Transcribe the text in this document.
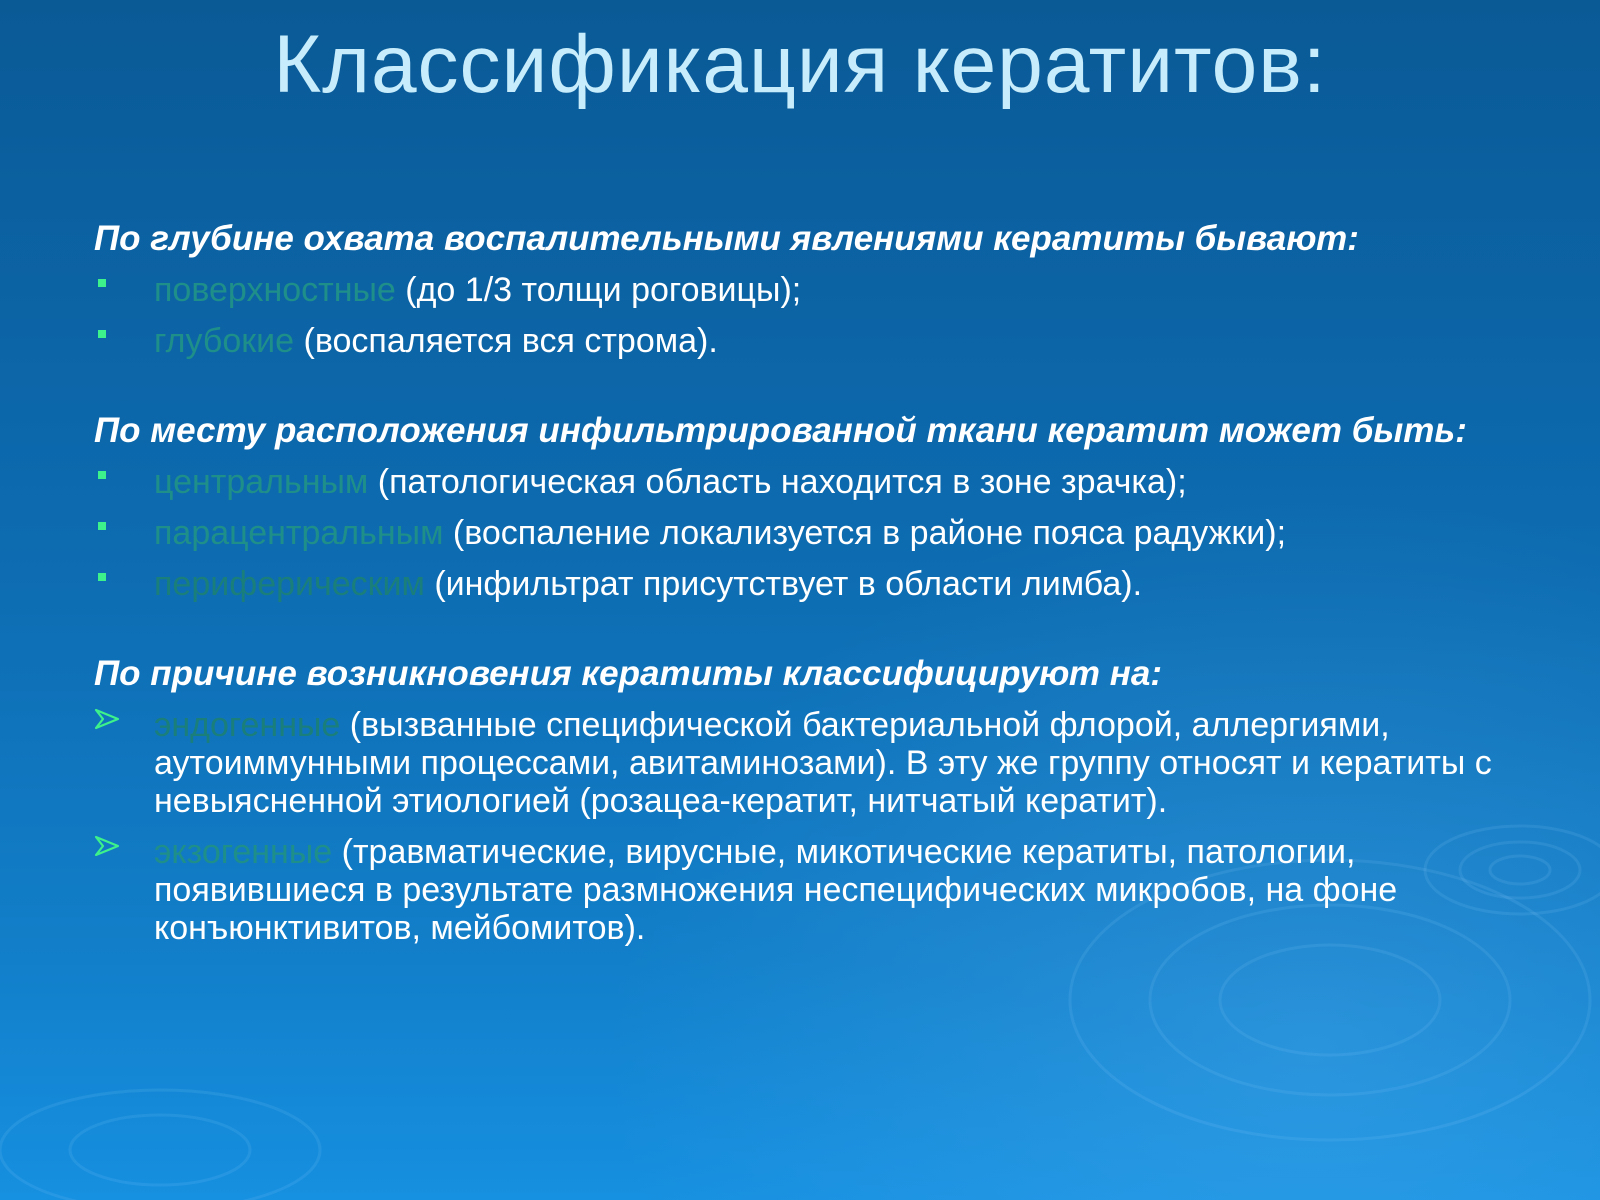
Классификация кератитов:
По глубине охвата воспалительными явлениями кератиты бывают:
поверхностные (до 1/3 толщи роговицы);
глубокие (воспаляется вся строма).
По месту расположения инфильтрированной ткани кератит может быть:
центральным (патологическая область находится в зоне зрачка);
парацентральным (воспаление локализуется в районе пояса радужки);
периферическим (инфильтрат присутствует в области лимба).
По причине возникновения кератиты классифицируют на:
эндогенные (вызванные специфической бактериальной флорой, аллергиями, аутоиммунными процессами, авитаминозами). В эту же группу относят и кератиты с невыясненной этиологией (розацеа-кератит, нитчатый кератит).
экзогенные (травматические, вирусные, микотические кератиты, патологии, появившиеся в результате размножения неспецифических микробов, на фоне конъюнктивитов, мейбомитов).
